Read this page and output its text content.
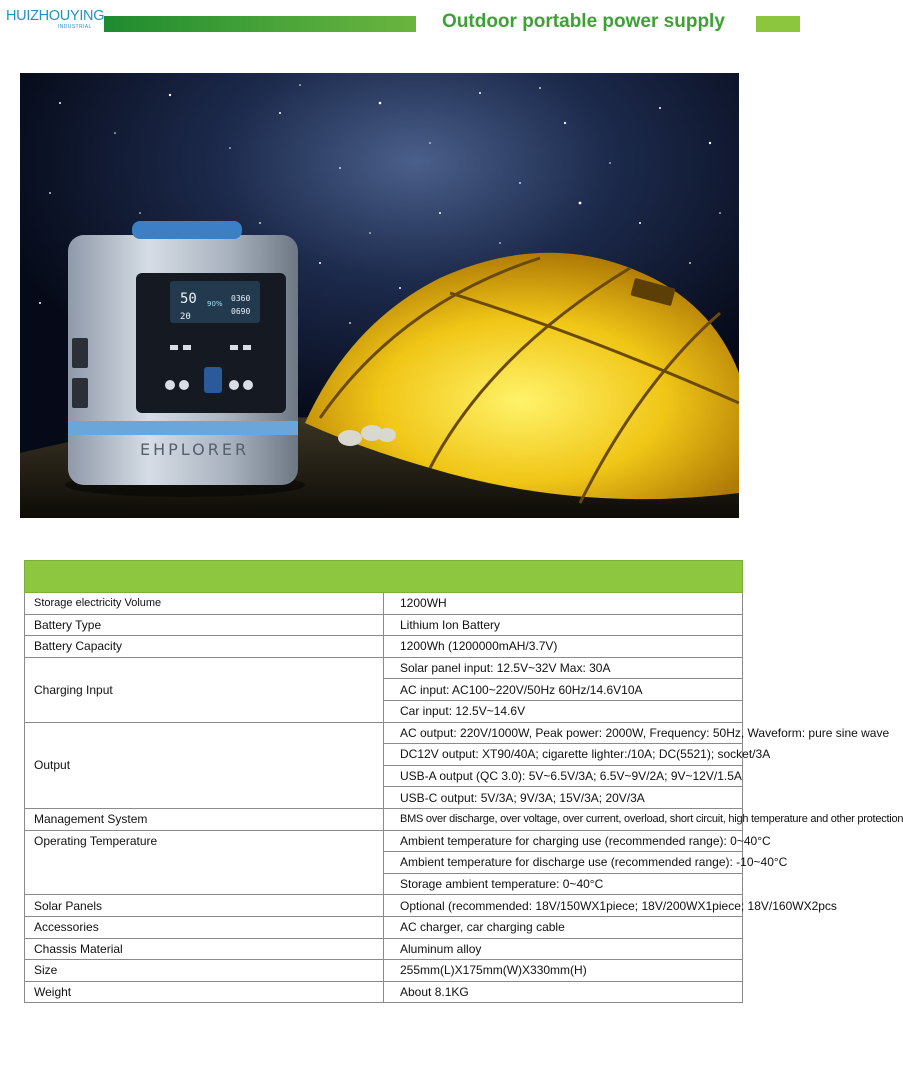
HUIZHOUYING
INDUSTRIAL	Outdoor portable power supply
50
20
90%
0360
0690
EHPLORER

Storage electricity Volume	1200WH
Battery Type	Lithium Ion Battery
Battery Capacity	1200Wh (1200000mAH/3.7V)
Charging Input	Solar panel input: 12.5V~32V Max: 30A
	AC input: AC100~220V/50Hz 60Hz/14.6V10A
	Car input: 12.5V~14.6V
Output	AC output: 220V/1000W, Peak power: 2000W, Frequency: 50Hz, Waveform: pure sine wave
	DC12V output: XT90/40A; cigarette lighter:/10A; DC(5521); socket/3A
	USB-A output (QC 3.0): 5V~6.5V/3A; 6.5V~9V/2A; 9V~12V/1.5A
	USB-C output: 5V/3A; 9V/3A; 15V/3A; 20V/3A
Management System	BMS over discharge, over voltage, over current, overload, short circuit, high temperature and other protection
Operating Temperature	Ambient temperature for charging use (recommended range): 0~40°C
	Ambient temperature for discharge use (recommended range): -10~40°C
	Storage ambient temperature: 0~40°C
Solar Panels	Optional (recommended: 18V/150WX1piece; 18V/200WX1piece; 18V/160WX2pcs
Accessories	AC charger, car charging cable
Chassis Material	Aluminum alloy
Size	255mm(L)X175mm(W)X330mm(H)
Weight	About 8.1KG
